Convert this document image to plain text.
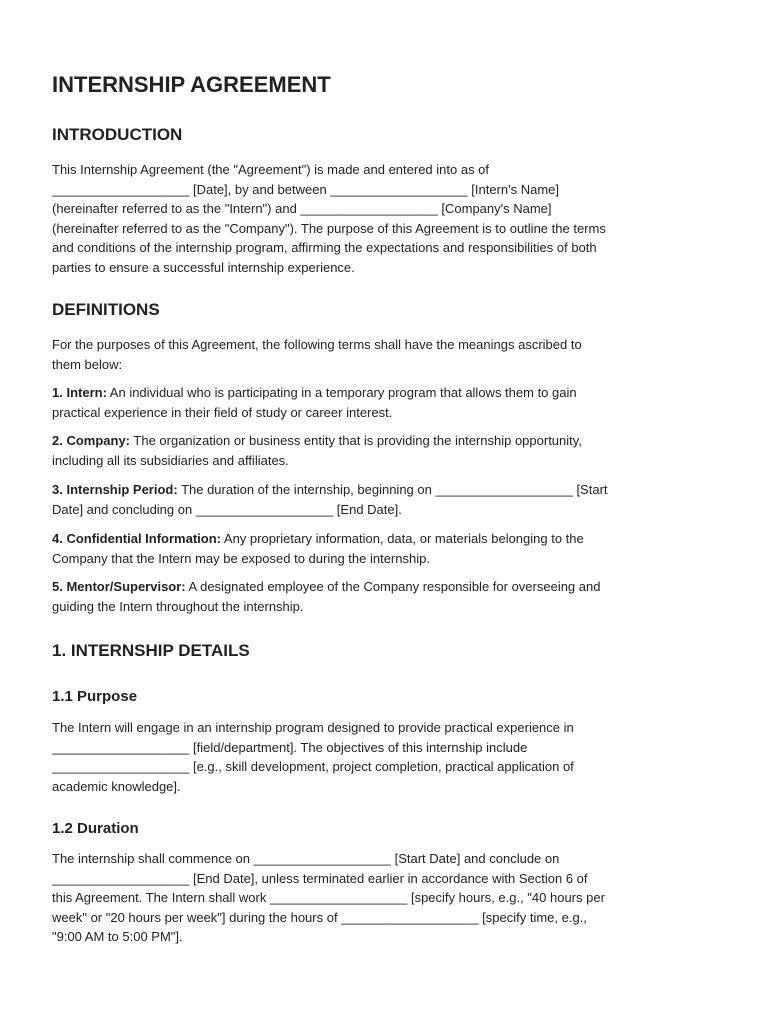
INTERNSHIP AGREEMENT
INTRODUCTION
This Internship Agreement (the "Agreement") is made and entered into as of
___________________ [Date], by and between ___________________ [Intern's Name]
(hereinafter referred to as the "Intern") and ___________________ [Company's Name]
(hereinafter referred to as the "Company"). The purpose of this Agreement is to outline the terms
and conditions of the internship program, affirming the expectations and responsibilities of both
parties to ensure a successful internship experience.
DEFINITIONS
For the purposes of this Agreement, the following terms shall have the meanings ascribed to
them below:
1. Intern: An individual who is participating in a temporary program that allows them to gain
practical experience in their field of study or career interest.
2. Company: The organization or business entity that is providing the internship opportunity,
including all its subsidiaries and affiliates.
3. Internship Period: The duration of the internship, beginning on ___________________ [Start
Date] and concluding on ___________________ [End Date].
4. Confidential Information: Any proprietary information, data, or materials belonging to the
Company that the Intern may be exposed to during the internship.
5. Mentor/Supervisor: A designated employee of the Company responsible for overseeing and
guiding the Intern throughout the internship.
1. INTERNSHIP DETAILS
1.1 Purpose
The Intern will engage in an internship program designed to provide practical experience in
___________________ [field/department]. The objectives of this internship include
___________________ [e.g., skill development, project completion, practical application of
academic knowledge].
1.2 Duration
The internship shall commence on ___________________ [Start Date] and conclude on
___________________ [End Date], unless terminated earlier in accordance with Section 6 of
this Agreement. The Intern shall work ___________________ [specify hours, e.g., "40 hours per
week" or "20 hours per week"] during the hours of ___________________ [specify time, e.g.,
"9:00 AM to 5:00 PM"].
